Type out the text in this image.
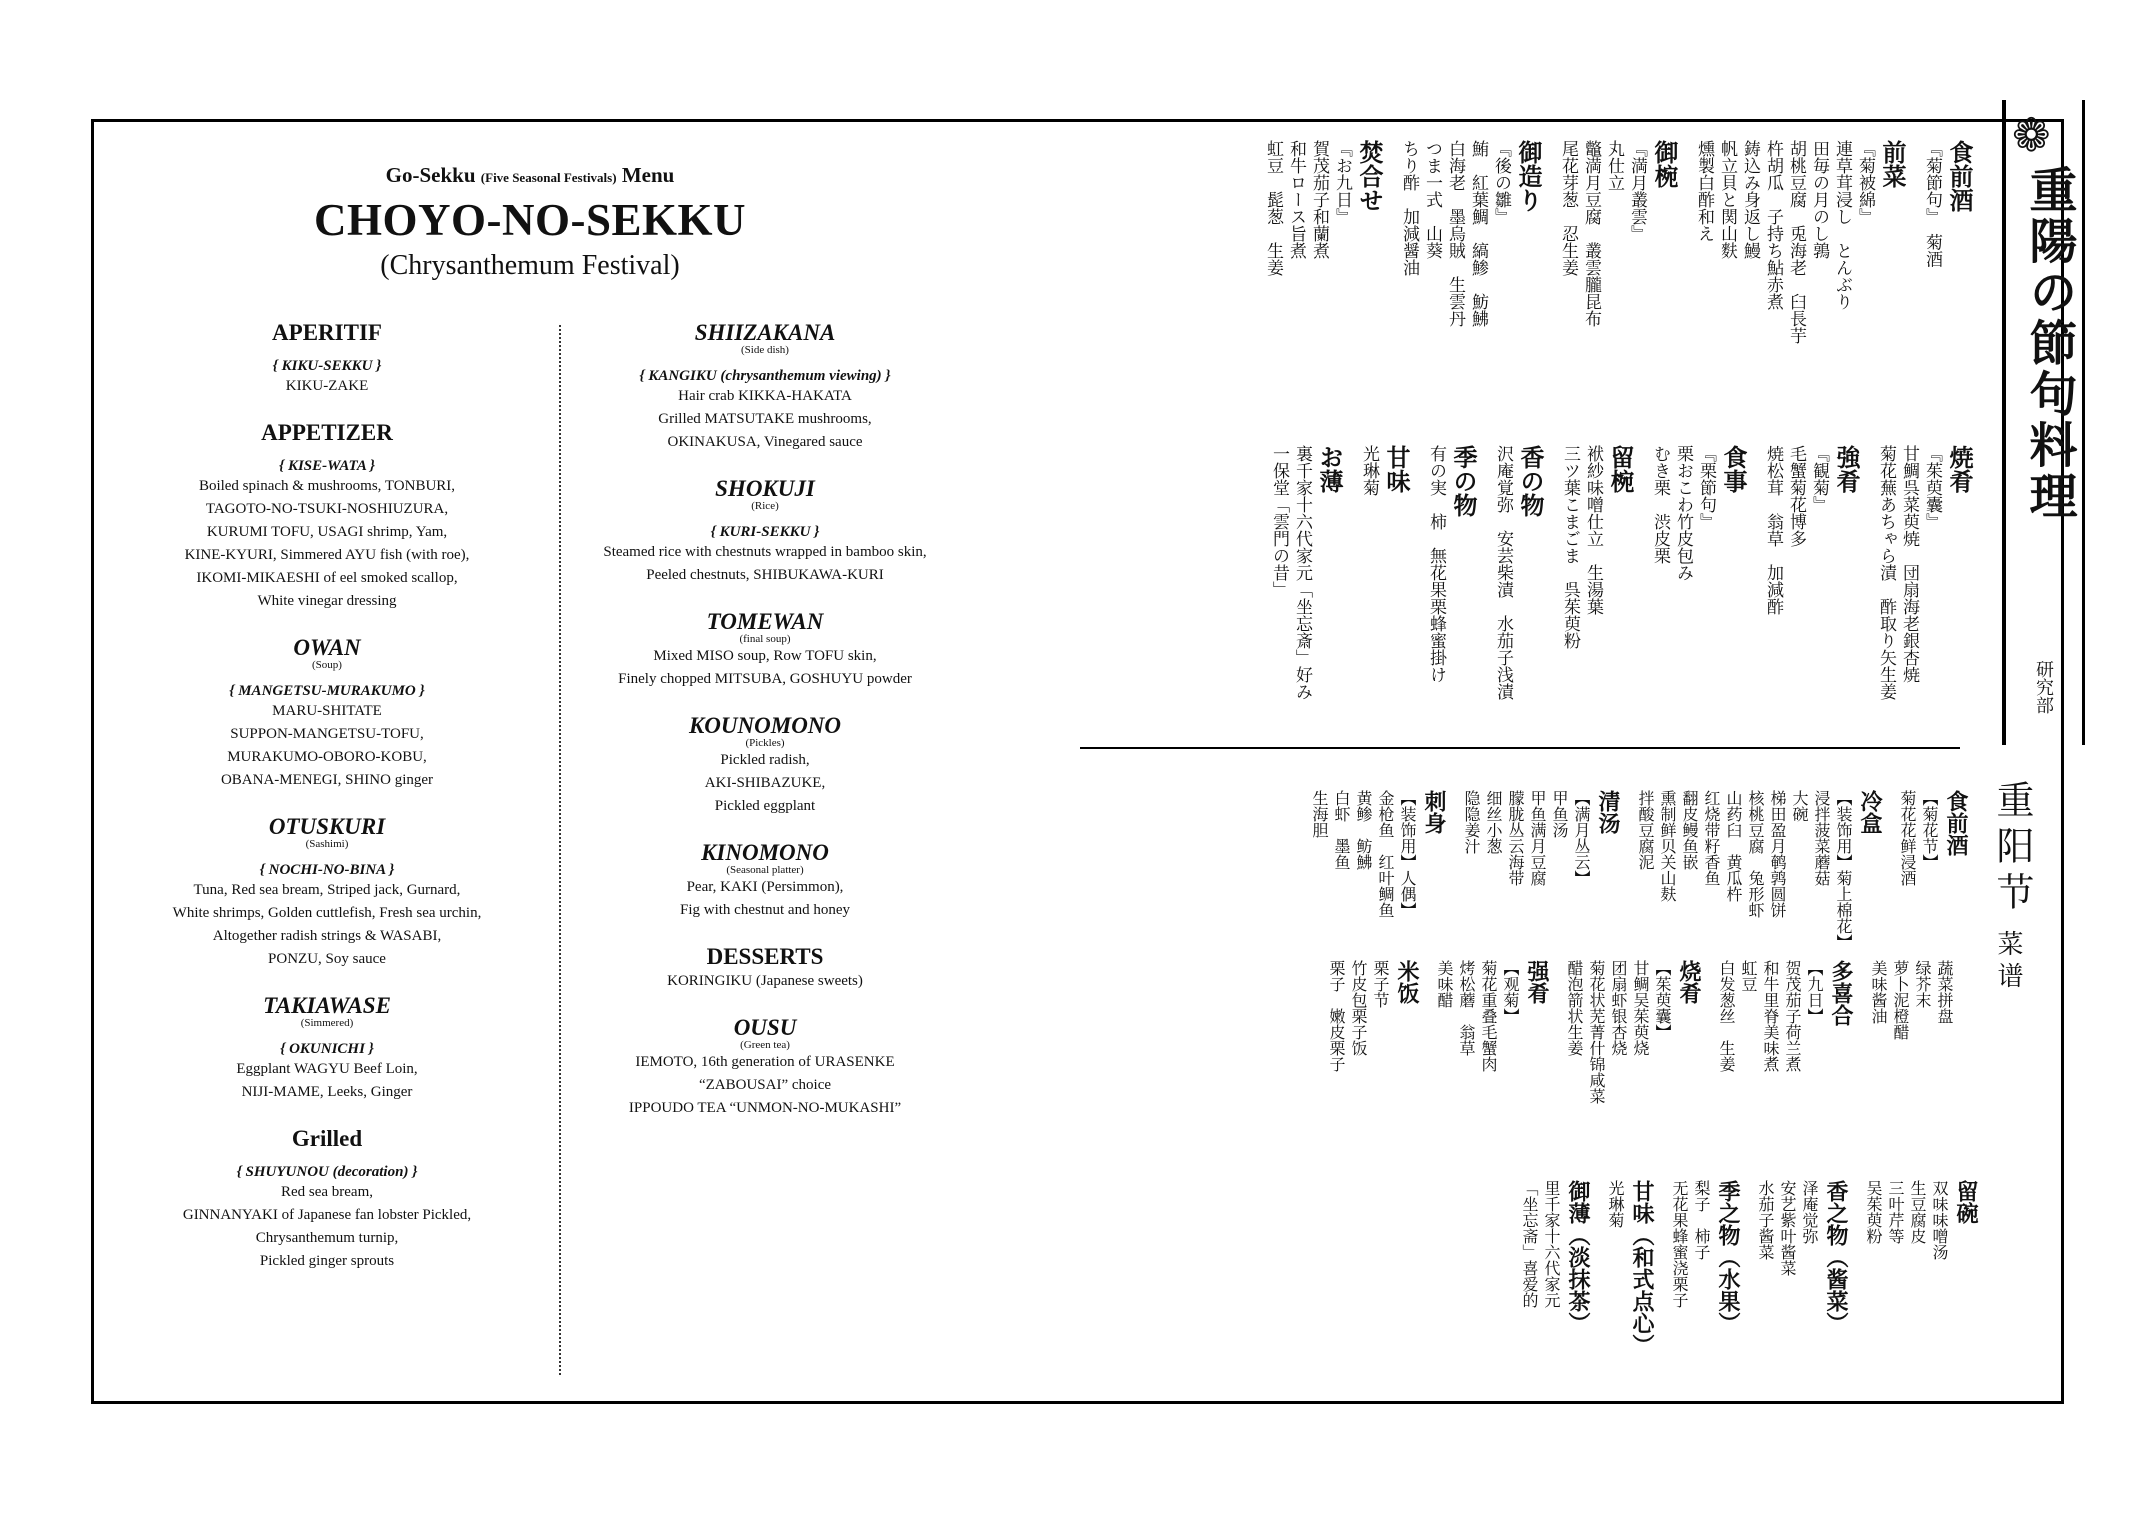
Go-Sekku (Five Seasonal Festivals) Menu
CHOYO-NO-SEKKU
(Chrysanthemum Festival)
APERITIF
{ KIKU-SEKKU }
KIKU-ZAKE
APPETIZER
{ KISE-WATA }
Boiled spinach & mushrooms, TONBURI,
TAGOTO-NO-TSUKI-NOSHIUZURA,
KURUMI TOFU, USAGI shrimp, Yam,
KINE-KYURI, Simmered AYU fish (with roe),
IKOMI-MIKAESHI of eel smoked scallop,
White vinegar dressing
OWAN
(Soup)
{ MANGETSU-MURAKUMO }
MARU-SHITATE
SUPPON-MANGETSU-TOFU,
MURAKUMO-OBORO-KOBU,
OBANA-MENEGI, SHINO ginger
OTUSKURI
(Sashimi)
{ NOCHI-NO-BINA }
Tuna, Red sea bream, Striped jack, Gurnard,
White shrimps, Golden cuttlefish, Fresh sea urchin,
Altogether radish strings & WASABI,
PONZU, Soy sauce
TAKIAWASE
(Simmered)
{ OKUNICHI }
Eggplant WAGYU Beef Loin,
NIJI-MAME, Leeks, Ginger
Grilled
{ SHUYUNOU (decoration) }
Red sea bream,
GINNANYAKI of Japanese fan lobster Pickled,
Chrysanthemum turnip,
Pickled ginger sprouts
SHIIZAKANA
(Side dish)
{ KANGIKU (chrysanthemum viewing) }
Hair crab KIKKA-HAKATA
Grilled MATSUTAKE mushrooms,
OKINAKUSA, Vinegared sauce
SHOKUJI
(Rice)
{ KURI-SEKKU }
Steamed rice with chestnuts wrapped in bamboo skin,
Peeled chestnuts, SHIBUKAWA-KURI
TOMEWAN
(final soup)
Mixed MISO soup, Row TOFU skin,
Finely chopped MITSUBA, GOSHUYU powder
KOUNOMONO
(Pickles)
Pickled radish,
AKI-SHIBAZUKE,
Pickled eggplant
KINOMONO
(Seasonal platter)
Pear, KAKI (Persimmon),
Fig with chestnut and honey
DESSERTS
KORINGIKU (Japanese sweets)
OUSU
(Green tea)
IEMOTO, 16th generation of URASENKE
“ZABOUSAI” choice
IPPOUDO TEA “UNMON-NO-MUKASHI”
❁
重陽の節句料理
研究部
食前酒
『菊節句』　菊酒
前菜
『菊被綿』
連草茸浸し　とんぶり
田毎の月のし鶉
胡桃豆腐　兎海老　臼長芋
杵胡瓜　子持ち鮎赤煮
鋳込み身返し鰻
帆立貝と関山麩
燻製白酢和え
御椀
『満月叢雲』
丸仕立
鼈満月豆腐　叢雲朧昆布
尾花芽葱　忍生姜
御造り
『後の雛』
鮪　紅葉鯛　縞鯵　魴鮄
白海老　墨烏賊　生雲丹
つま一式　山葵
ちり酢　加減醤油
焚合せ
『お九日』
賀茂茄子和蘭煮
和牛ロース旨煮
虹豆　髭葱　生姜
焼肴
『茱萸囊』
甘鯛呉菜萸焼　団扇海老銀杏焼
菊花蕪あちゃら漬　酢取り矢生姜
強肴
『観菊』
毛蟹菊花博多
焼松茸　翁草　加減酢
食事
『栗節句』
栗おこわ竹皮包み
むき栗　渋皮栗
留椀
袱紗味噌仕立　生湯葉
三ツ葉こまごま　呉茱萸粉
香の物
沢庵覚弥　安芸柴漬　水茄子浅漬
季の物
有の実　柿　無花果栗蜂蜜掛け
甘味
光琳菊
お薄
裏千家十六代家元「坐忘斎」好み
一保堂「雲門の昔」
重阳节
菜谱
食前酒
【菊花节】
菊花花鲜浸酒
冷盒
【装饰用】菊上棉花】
浸拌菠菜蘑菇
大碗
梯田盈月鹌鹑圆饼
核桃豆腐　兔形虾
山药臼　黄瓜杵
红烧带籽香鱼
翻皮鳗鱼嵌
熏制鲜贝关山麸
拌酸豆腐泥
清汤
【满月丛云】
甲鱼汤
甲鱼满月豆腐
朦胧丛云海带
细丝小葱
隐隐姜汁
刺身
【装饰用】人偶】
金枪鱼　红叶鲷鱼
黄鲹　鲂鮄
白虾　墨鱼
生海胆
蔬菜拼盘
绿芥末
萝卜泥橙醋
美味酱油
多喜合
【九日】
贺茂茄子荷兰煮
和牛里脊美味煮
虹豆
白发葱丝　生姜
烧肴
【茱萸囊】
甘鲷吴茱萸烧
团扇虾银杏烧
菊花状芜菁什锦咸菜
醋泡箭状生姜
强肴
【观菊】
菊花重叠毛蟹肉
烤松蘑　翁草
美味醋
米饭
栗子节
竹皮包栗子饭
栗子　嫩皮栗子
留碗
双味味噌汤
生豆腐皮
三叶芹等
吴茱萸粉
香之物（酱菜）
泽庵觉弥
安艺紫叶酱菜
水茄子酱菜
季之物（水果）
梨子　柿子
无花果蜂蜜浇栗子
甘味（和式点心）
光琳菊
御薄（淡抹茶）
里千家十六代家元
「坐忘斋」喜爱的
